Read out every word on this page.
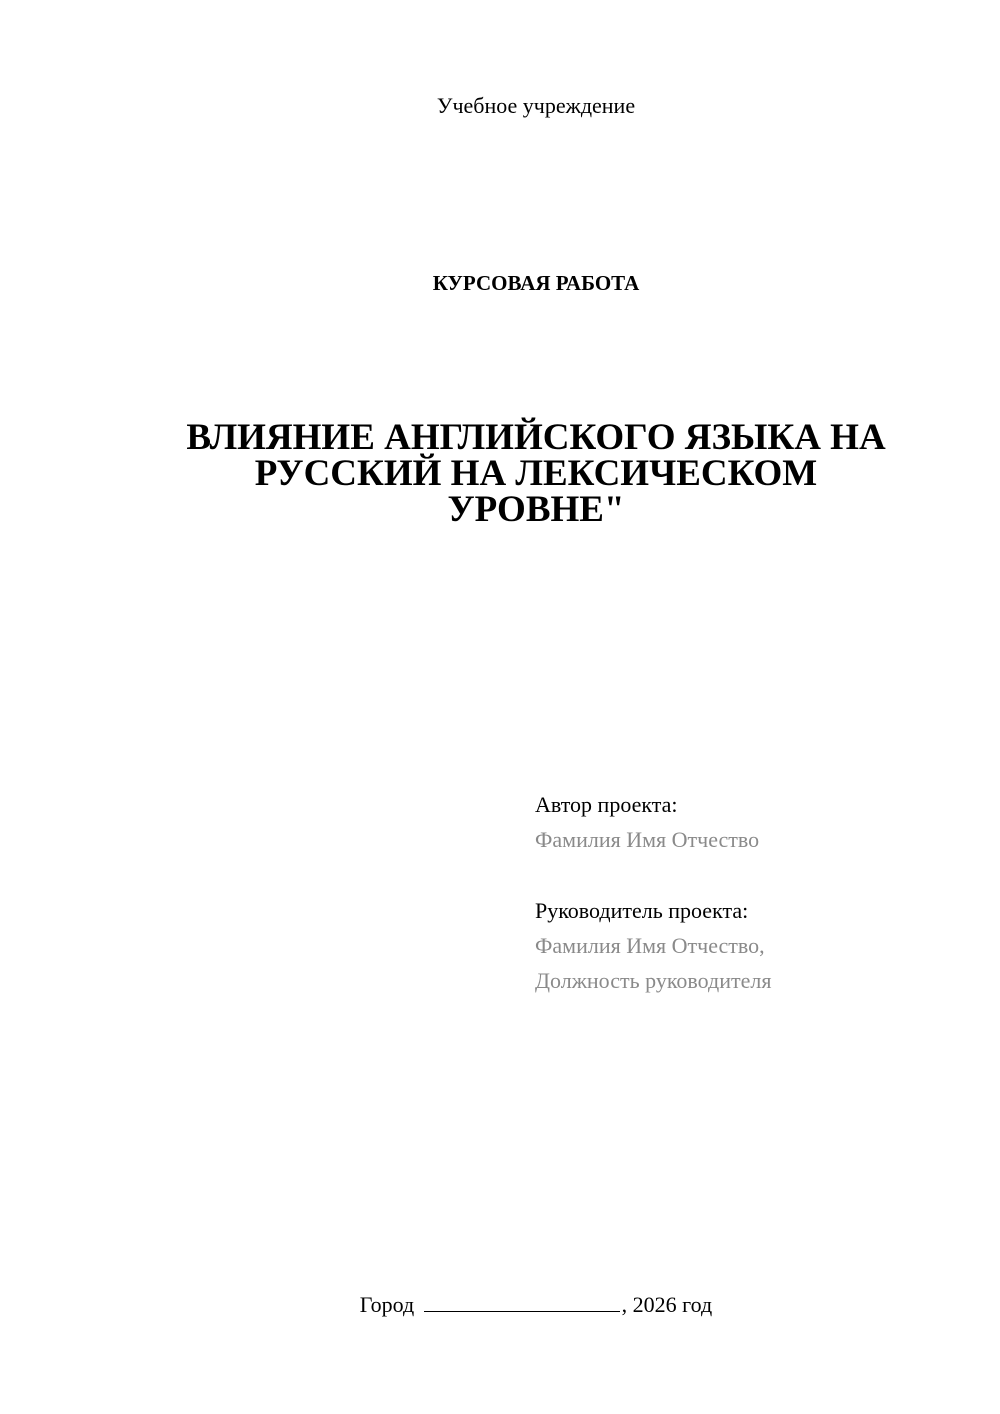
Учебное учреждение
КУРСОВАЯ РАБОТА
ВЛИЯНИЕ АНГЛИЙСКОГО ЯЗЫКА НА
РУССКИЙ НА ЛЕКСИЧЕСКОМ
УРОВНЕ"
Автор проекта:
Фамилия Имя Отчество
Руководитель проекта:
Фамилия Имя Отчество,
Должность руководителя
Город	, 2026 год
